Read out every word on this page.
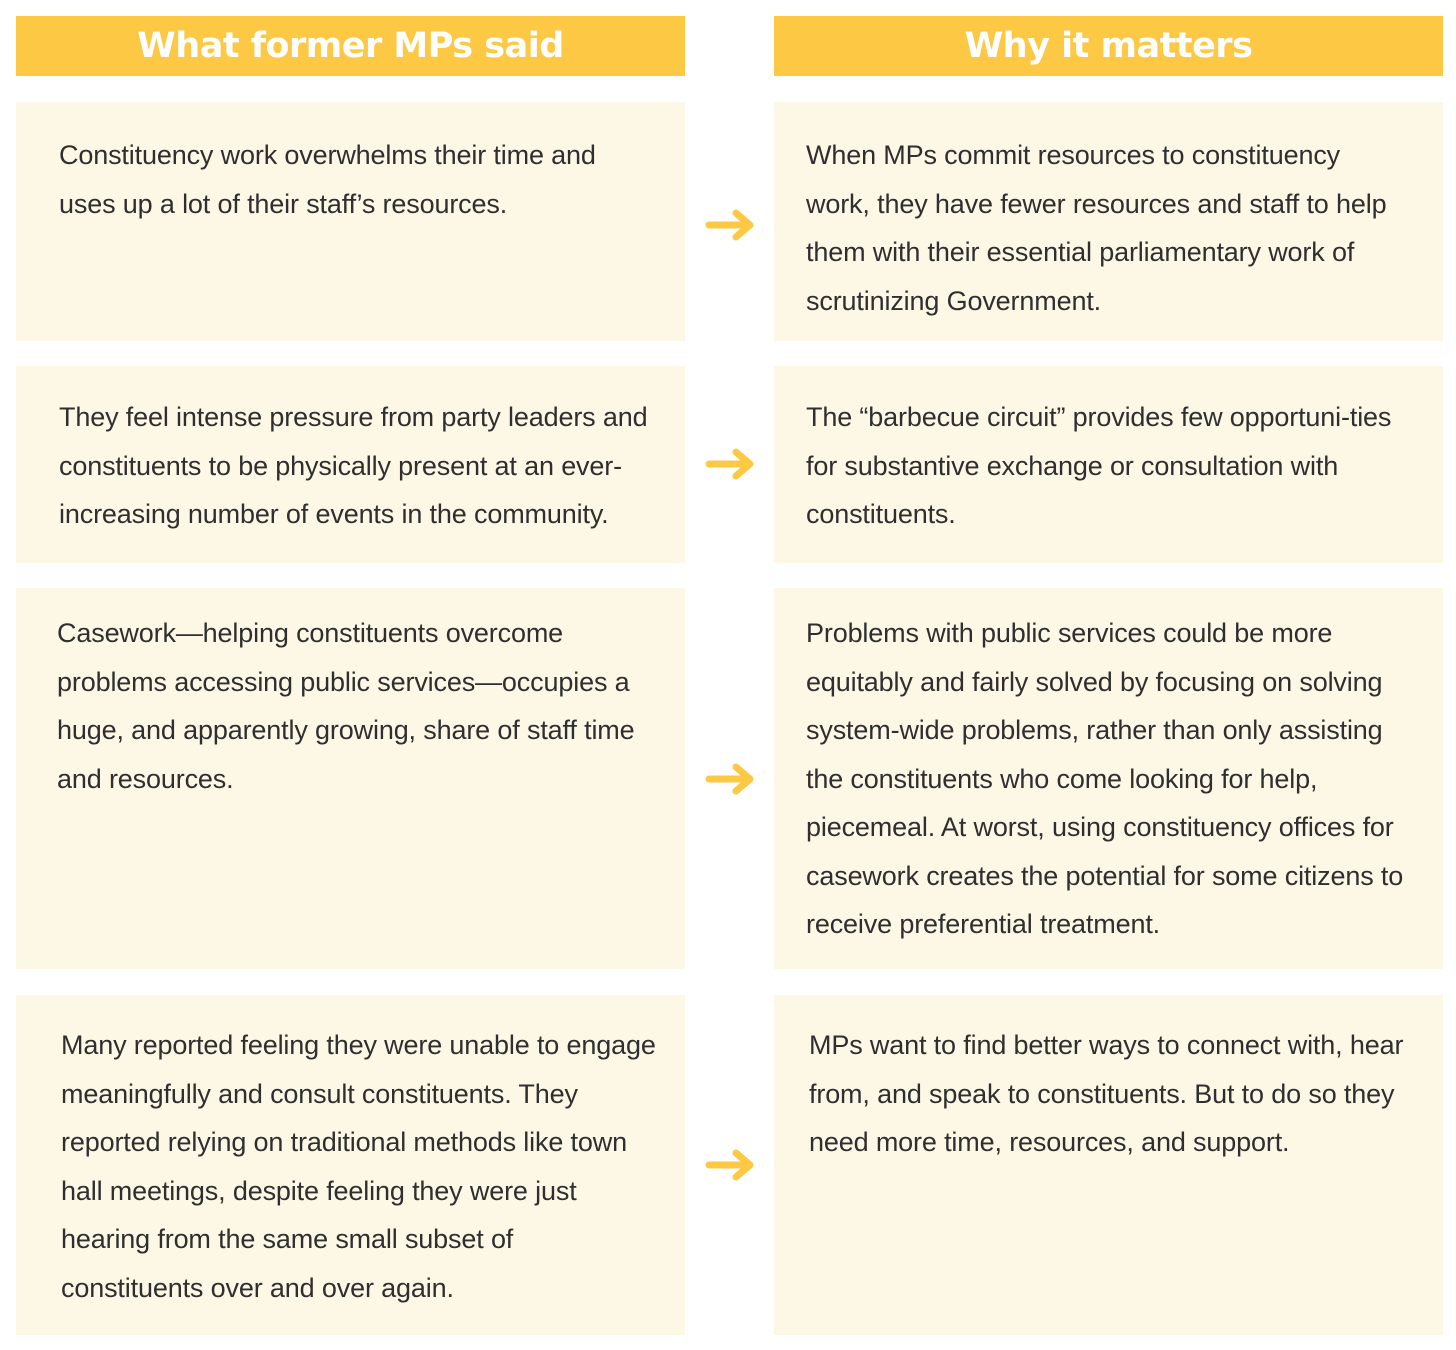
What former MPs said	Why it matters

Constituency work overwhelms their time and uses up a lot of their staff’s resources.

When MPs commit resources to constituency work, they have fewer resources and staff to help them with their essential parliamentary work of scrutinizing Government.

They feel intense pressure from party leaders and constituents to be physically present at an ever-increasing number of events in the community.

The “barbecue circuit” provides few opportuni-ties for substantive exchange or consultation with constituents.

Casework—helping constituents overcome problems accessing public services—occupies a huge, and apparently growing, share of staff time and resources.

Problems with public services could be more equitably and fairly solved by focusing on solving system-wide problems, rather than only assisting the constituents who come looking for help, piecemeal. At worst, using constituency offices for casework creates the potential for some citizens to receive preferential treatment.

Many reported feeling they were unable to engage meaningfully and consult constituents. They reported relying on traditional methods like town hall meetings, despite feeling they were just hearing from the same small subset of constituents over and over again.

MPs want to find better ways to connect with, hear from, and speak to constituents. But to do so they need more time, resources, and support.
